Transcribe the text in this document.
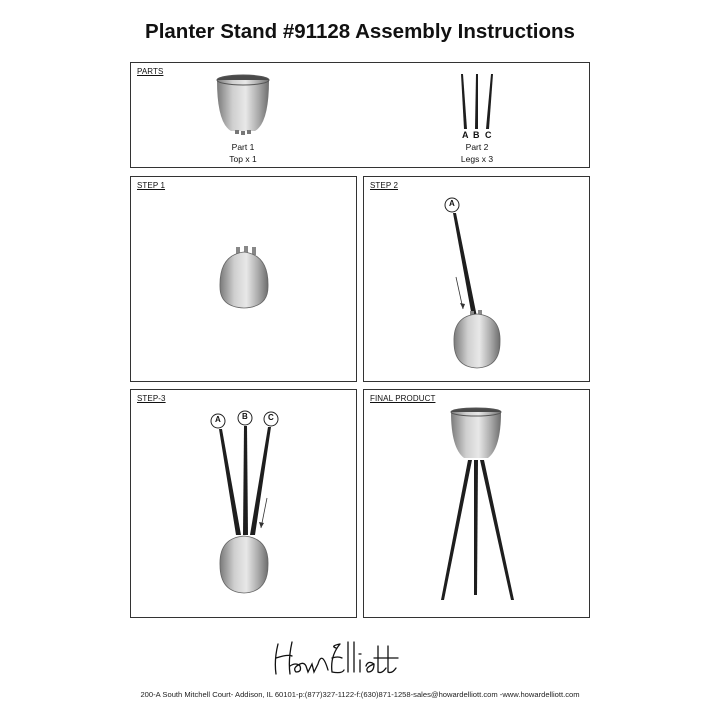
Planter Stand #91128 Assembly Instructions
PARTS
A B C
Part 1
Top x 1
Part 2
Legs x 3
STEP 1	STEP 2
A
STEP-3
A	B	C
FINAL PRODUCT
200-A South Mitchell Court- Addison, IL 60101-p:(877)327-1122-f:(630)871-1258-sales@howardelliott.com -www.howardelliott.com
